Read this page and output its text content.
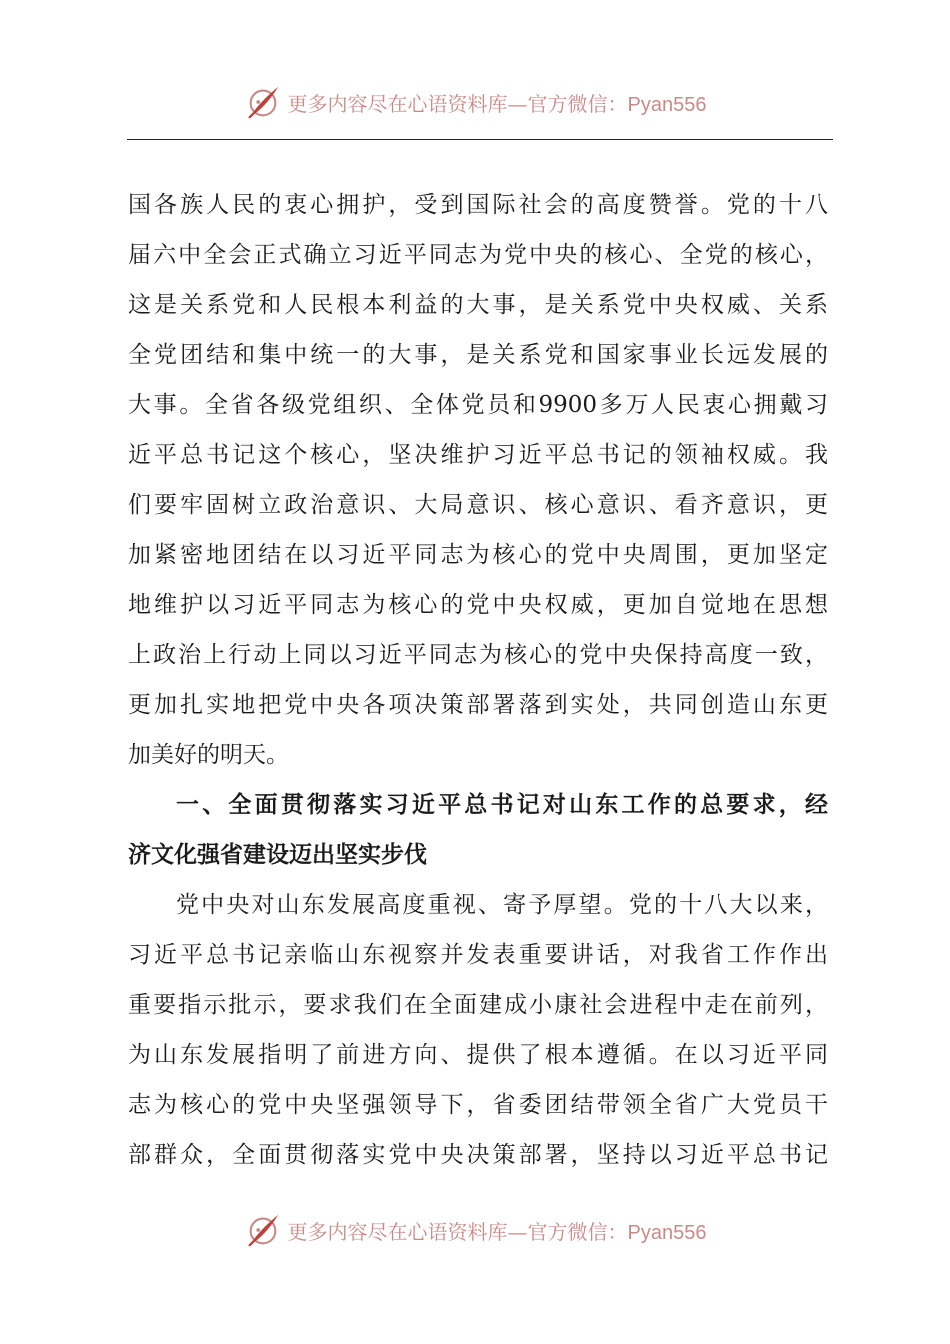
更多内容尽在心语资料库—官方微信：Pyan556
国各族人民的衷心拥护，受到国际社会的高度赞誉。党的十八
届六中全会正式确立习近平同志为党中央的核心、全党的核心，
这是关系党和人民根本利益的大事，是关系党中央权威、关系
全党团结和集中统一的大事，是关系党和国家事业长远发展的
大事。全省各级党组织、全体党员和9900多万人民衷心拥戴习
近平总书记这个核心，坚决维护习近平总书记的领袖权威。我
们要牢固树立政治意识、大局意识、核心意识、看齐意识，更
加紧密地团结在以习近平同志为核心的党中央周围，更加坚定
地维护以习近平同志为核心的党中央权威，更加自觉地在思想
上政治上行动上同以习近平同志为核心的党中央保持高度一致，
更加扎实地把党中央各项决策部署落到实处，共同创造山东更
加美好的明天。
一、全面贯彻落实习近平总书记对山东工作的总要求，经
济文化强省建设迈出坚实步伐
党中央对山东发展高度重视、寄予厚望。党的十八大以来，
习近平总书记亲临山东视察并发表重要讲话，对我省工作作出
重要指示批示，要求我们在全面建成小康社会进程中走在前列，
为山东发展指明了前进方向、提供了根本遵循。在以习近平同
志为核心的党中央坚强领导下，省委团结带领全省广大党员干
部群众，全面贯彻落实党中央决策部署，坚持以习近平总书记
更多内容尽在心语资料库—官方微信：Pyan556
